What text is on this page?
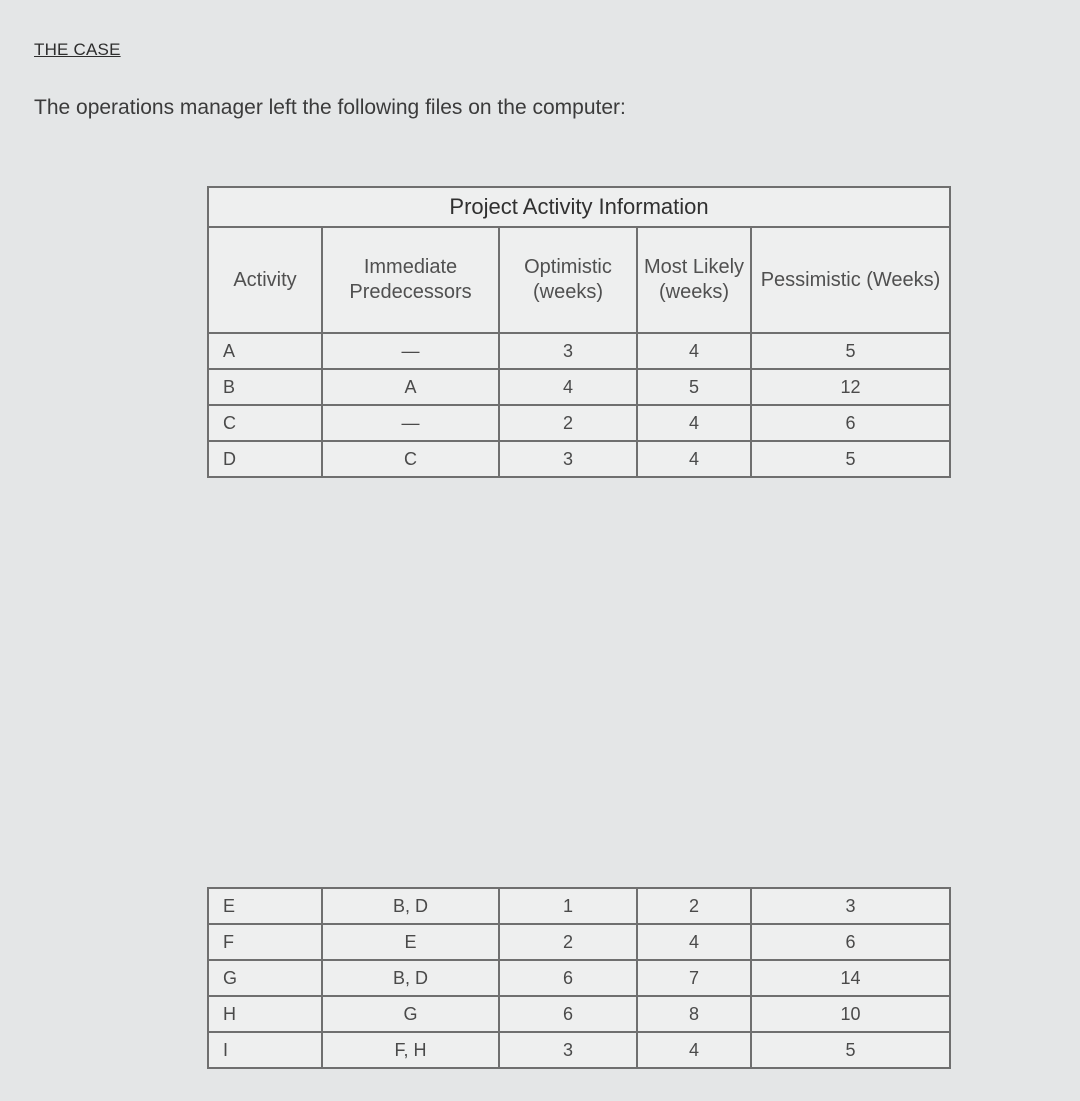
THE CASE
The operations manager left the following files on the computer:
Project Activity Information				
Activity	Immediate Predecessors	Optimistic (weeks)	Most Likely (weeks)	Pessimistic (Weeks)
A	—	3	4	5
B	A	4	5	12
C	—	2	4	6
D	C	3	4	5
E	B, D	1	2	3
F	E	2	4	6
G	B, D	6	7	14
H	G	6	8	10
I	F, H	3	4	5
